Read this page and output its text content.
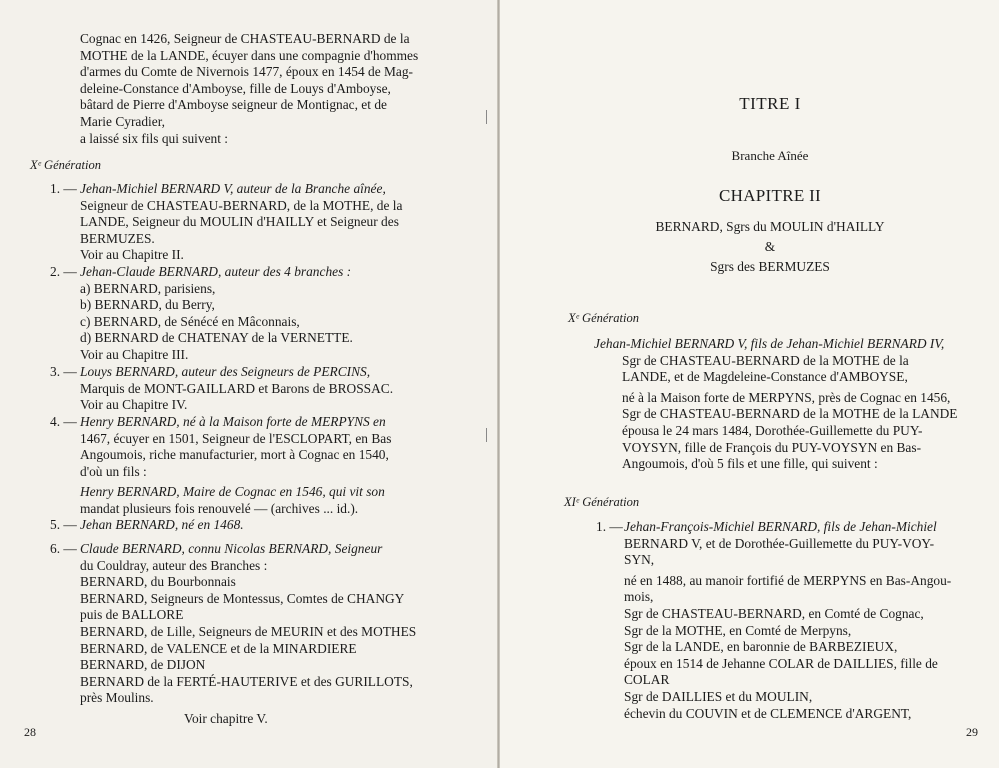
Cognac en 1426, Seigneur de CHASTEAU-BERNARD de la
MOTHE de la LANDE, écuyer dans une compagnie d'hommes
d'armes du Comte de Nivernois 1477, époux en 1454 de Mag-
deleine-Constance d'Amboyse, fille de Louys d'Amboyse,
bâtard de Pierre d'Amboyse seigneur de Montignac, et de
Marie Cyradier,
a laissé six fils qui suivent :
Xᵉ Génération
1. — Jehan-Michiel BERNARD V, auteur de la Branche aînée,
Seigneur de CHASTEAU-BERNARD, de la MOTHE, de la
LANDE, Seigneur du MOULIN d'HAILLY et Seigneur des
BERMUZES.
Voir au Chapitre II.
2. — Jehan-Claude BERNARD, auteur des 4 branches :
a) BERNARD, parisiens,
b) BERNARD, du Berry,
c) BERNARD, de Sénécé en Mâconnais,
d) BERNARD de CHATENAY de la VERNETTE.
Voir au Chapitre III.
3. — Louys BERNARD, auteur des Seigneurs de PERCINS,
Marquis de MONT-GAILLARD et Barons de BROSSAC.
Voir au Chapitre IV.
4. — Henry BERNARD, né à la Maison forte de MERPYNS en
1467, écuyer en 1501, Seigneur de l'ESCLOPART, en Bas
Angoumois, riche manufacturier, mort à Cognac en 1540,
d'où un fils :
Henry BERNARD, Maire de Cognac en 1546, qui vit son
mandat plusieurs fois renouvelé — (archives ... id.).
5. — Jehan BERNARD, né en 1468.
6. — Claude BERNARD, connu Nicolas BERNARD, Seigneur
du Couldray, auteur des Branches :
BERNARD, du Bourbonnais
BERNARD, Seigneurs de Montessus, Comtes de CHANGY
puis de BALLORE
BERNARD, de Lille, Seigneurs de MEURIN et des MOTHES
BERNARD, de VALENCE et de la MINARDIERE
BERNARD, de DIJON
BERNARD de la FERTÉ-HAUTERIVE et des GURILLOTS,
près Moulins.
Voir chapitre V.
28
TITRE I
Branche Aînée
CHAPITRE II
BERNARD, Sgrs du MOULIN d'HAILLY
&
Sgrs des BERMUZES
Xᵉ Génération
Jehan-Michiel BERNARD V, fils de Jehan-Michiel BERNARD IV,
Sgr de CHASTEAU-BERNARD de la MOTHE de la
LANDE, et de Magdeleine-Constance d'AMBOYSE,
né à la Maison forte de MERPYNS, près de Cognac en 1456,
Sgr de CHASTEAU-BERNARD de la MOTHE de la LANDE
épousa le 24 mars 1484, Dorothée-Guillemette du PUY-
VOYSYN, fille de François du PUY-VOYSYN en Bas-
Angoumois, d'où 5 fils et une fille, qui suivent :
XIᵉ Génération
1. — Jehan-François-Michiel BERNARD, fils de Jehan-Michiel
BERNARD V, et de Dorothée-Guillemette du PUY-VOY-
SYN,
né en 1488, au manoir fortifié de MERPYNS en Bas-Angou-
mois,
Sgr de CHASTEAU-BERNARD, en Comté de Cognac,
Sgr de la MOTHE, en Comté de Merpyns,
Sgr de la LANDE, en baronnie de BARBEZIEUX,
époux en 1514 de Jehanne COLAR de DAILLIES, fille de
COLAR
Sgr de DAILLIES et du MOULIN,
échevin du COUVIN et de CLEMENCE d'ARGENT,
29
